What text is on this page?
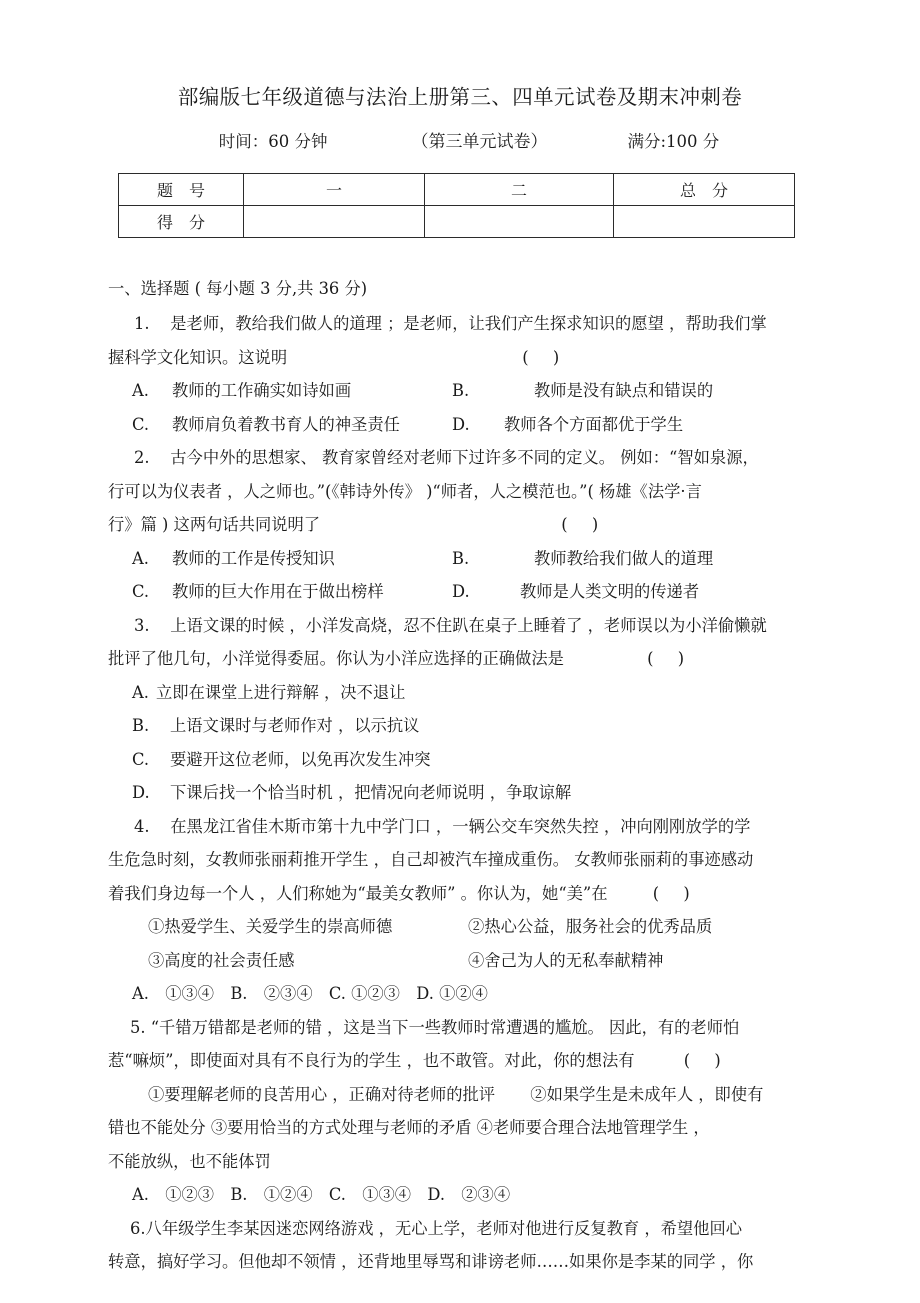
部编版七年级道德与法治上册第三、四单元试卷及期末冲刺卷
时间：60 分钟	（第三单元试卷）	满分:100 分
题　号	一	二	总　分
得　分			
一、选择题 ( 每小题 3 分,共 36 分)
1. 是老师，教给我们做人的道理 ；是老师，让我们产生探求知识的愿望 ，帮助我们掌
握科学文化知识。这说明	(　)
A.	教师的工作确实如诗如画	B.	教师是没有缺点和错误的
C.	教师肩负着教书育人的神圣责任	D.	教师各个方面都优于学生
2. 古今中外的思想家、 教育家曾经对老师下过许多不同的定义。 例如：“智如泉源，
行可以为仪表者 ，人之师也。”(《韩诗外传》 )“师者，人之模范也。”( 杨雄《法学·言
行》篇 ) 这两句话共同说明了	(　)
A.	教师的工作是传授知识	B.	教师教给我们做人的道理
C.	教师的巨大作用在于做出榜样	D.	教师是人类文明的传递者
3. 上语文课的时候 ，小洋发高烧，忍不住趴在桌子上睡着了 ，老师误以为小洋偷懒就
批评了他几句，小洋觉得委屈。你认为小洋应选择的正确做法是	(　)
A. 立即在课堂上进行辩解 ，决不退让
B. 上语文课时与老师作对 ，以示抗议
C. 要避开这位老师，以免再次发生冲突
D. 下课后找一个恰当时机 ，把情况向老师说明 ，争取谅解
4. 在黑龙江省佳木斯市第十九中学门口 ，一辆公交车突然失控 ，冲向刚刚放学的学
生危急时刻，女教师张丽莉推开学生 ，自己却被汽车撞成重伤。 女教师张丽莉的事迹感动
着我们身边每一个人 ，人们称她为“最美女教师” 。你认为，她“美”在	(　)
①热爱学生、关爱学生的崇高师德	②热心公益，服务社会的优秀品质
③高度的社会责任感	④舍己为人的无私奉献精神
A.　①③④　B.　②③④　C. ①②③　D. ①②④
5. “千错万错都是老师的错 ，这是当下一些教师时常遭遇的尴尬。 因此，有的老师怕
惹“嘛烦”，即使面对具有不良行为的学生 ，也不敢管。对此，你的想法有	(　)
①要理解老师的良苦用心 ，正确对待老师的批评 ②如果学生是未成年人 ，即使有
错也不能处分 ③要用恰当的方式处理与老师的矛盾 ④老师要合理合法地管理学生 ，
不能放纵，也不能体罚
A.　①②③　B.　①②④　C.　①③④　D.　②③④
6.八年级学生李某因迷恋网络游戏 ，无心上学，老师对他进行反复教育 ，希望他回心
转意，搞好学习。但他却不领情 ，还背地里辱骂和诽谤老师……如果你是李某的同学 ，你
